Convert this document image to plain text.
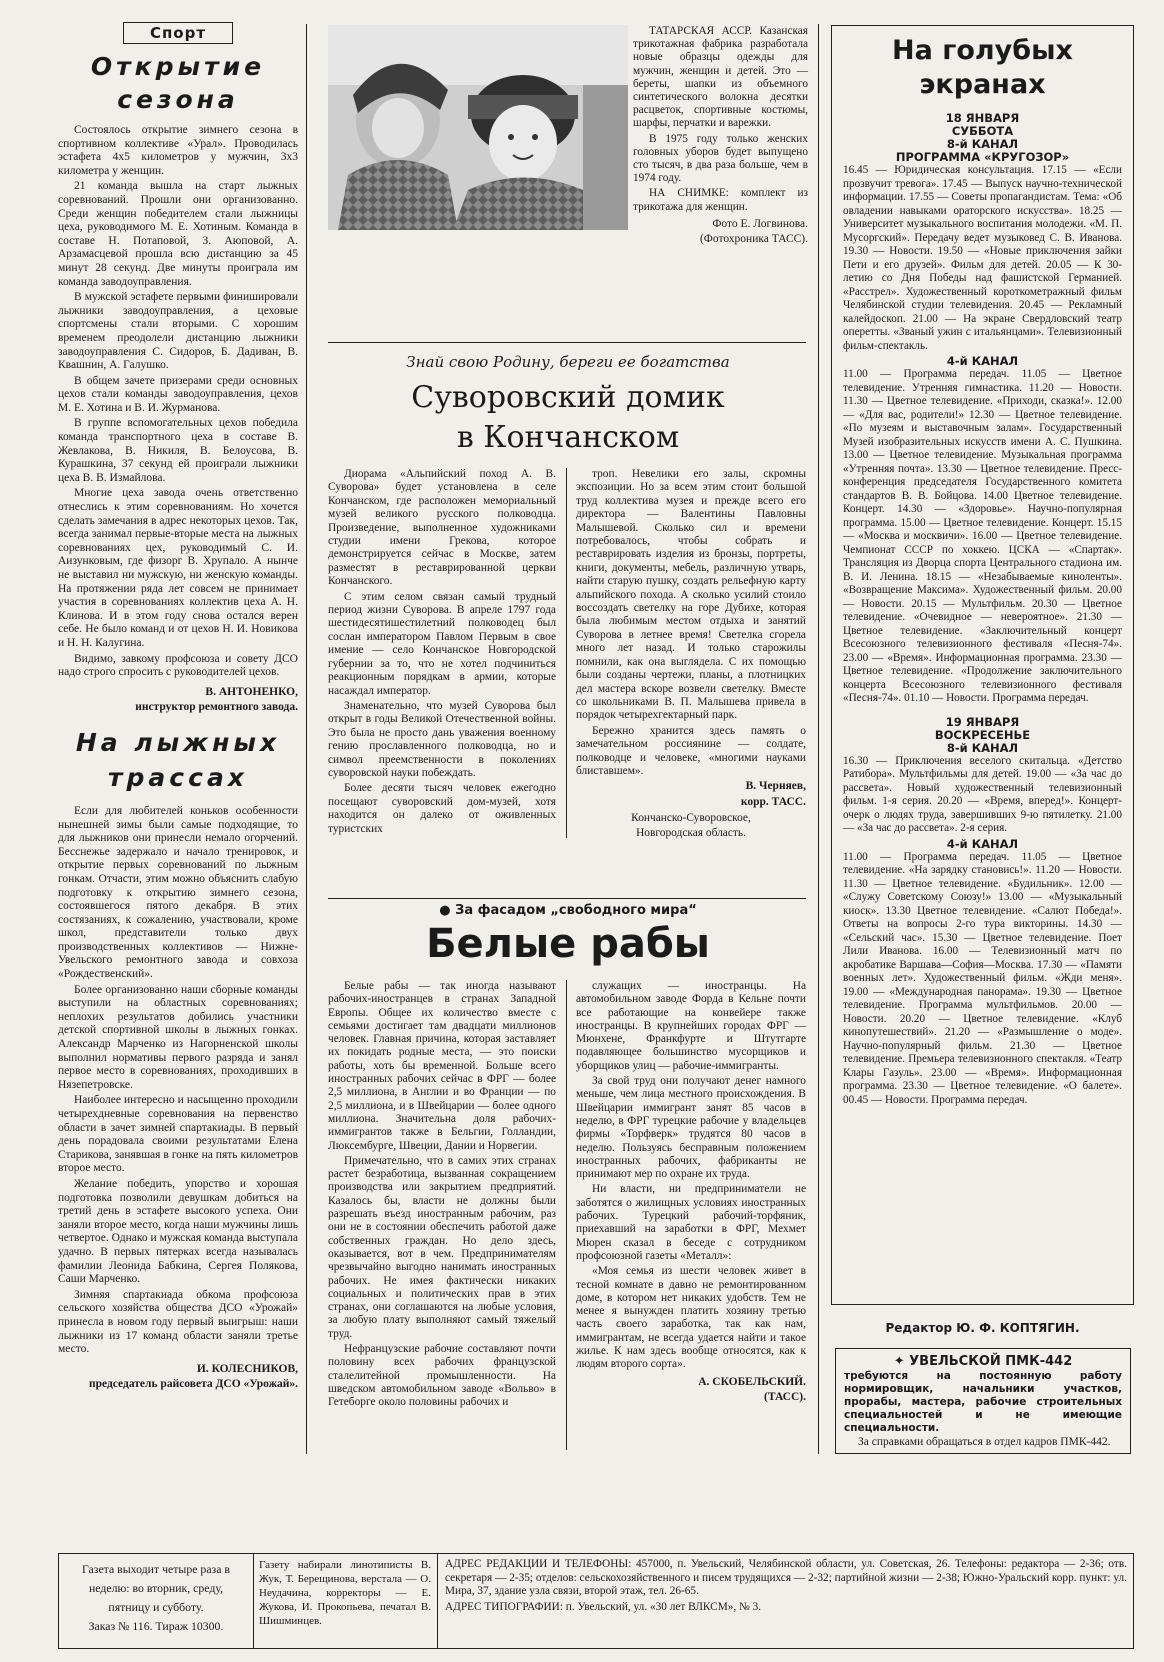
Спорт
Открытие
сезона

Состоялось открытие зимнего сезона в спортивном коллективе «Урал». Проводилась эстафета 4х5 километров у мужчин, 3х3 километра у женщин.

21 команда вышла на старт лыжных соревнований. Прошли они организованно. Среди женщин победителем стали лыжницы цеха, руководимого М. Е. Хотиным. Команда в составе Н. Потаповой, З. Аюповой, А. Арзамасцевой прошла всю дистанцию за 45 минут 28 секунд. Две минуты проиграла им команда заводоуправления.

В мужской эстафете первыми финишировали лыжники заводоуправления, а цеховые спортсмены стали вторыми. С хорошим временем преодолели дистанцию лыжники заводоуправления С. Сидоров, Б. Дадиван, В. Квашнин, А. Галушко.

В общем зачете призерами среди основных цехов стали команды заводоуправления, цехов М. Е. Хотина и В. И. Журманова.

В группе вспомогательных цехов победила команда транспортного цеха в составе В. Жевлакова, В. Никиля, В. Белоусова, В. Курашкина, 37 секунд ей проиграли лыжники цеха В. В. Измайлова.

Многие цеха завода очень ответственно отнеслись к этим соревнованиям. Но хочется сделать замечания в адрес некоторых цехов. Так, всегда занимал первые-вторые места на лыжных соревнованиях цех, руководимый С. И. Аизунковым, где физорг В. Хрупало. А нынче не выставил ни мужскую, ни женскую команды. На протяжении ряда лет совсем не принимает участия в соревнованиях коллектив цеха А. Н. Клинова. И в этом году снова остался верен себе. Не было команд и от цехов Н. И. Новикова и Н. Н. Калугина.

Видимо, завкому профсоюза и совету ДСО надо строго спросить с руководителей цехов.

В. АНТОНЕНКО,

инструктор ремонтного завода.

На лыжных
трассах

Если для любителей коньков особенности нынешней зимы были самые подходящие, то для лыжников они принесли немало огорчений. Бесснежье задержало и начало тренировок, и открытие первых соревнований по лыжным гонкам. Отчасти, этим можно объяснить слабую подготовку к открытию зимнего сезона, состоявшегося пятого декабря. В этих состязаниях, к сожалению, участвовали, кроме школ, представители только двух производственных коллективов — Нижне-Увельского ремонтного завода и совхоза «Рождественский».

Более организованно наши сборные команды выступили на областных соревнованиях; неплохих результатов добились участники детской спортивной школы в лыжных гонках. Александр Марченко из Нагорненской школы выполнил нормативы первого разряда и занял первое место в соревнованиях, проходивших в Нязепетровске.

Наиболее интересно и насыщенно проходили четырехдневные соревнования на первенство области в зачет зимней спартакиады. В первый день порадовала своими результатами Елена Старикова, занявшая в гонке на пять километров второе место.

Желание победить, упорство и хорошая подготовка позволили девушкам добиться на третий день в эстафете высокого успеха. Они заняли второе место, когда наши мужчины лишь четвертое. Однако и мужская команда выступала удачно. В первых пятерках всегда называлась фамилии Леонида Бабкина, Сергея Полякова, Саши Марченко.

Зимняя спартакиада обкома профсоюза сельского хозяйства общества ДСО «Урожай» принесла в новом году первый выигрыш: наши лыжники из 17 команд области заняли третье место.

И. КОЛЕСНИКОВ,

председатель райсовета ДСО «Урожай».

ТАТАРСКАЯ АССР. Казанская трикотажная фабрика разработала новые образцы одежды для мужчин, женщин и детей. Это — береты, шапки из объемного синтетического волокна десятки расцветок, спортивные костюмы, шарфы, перчатки и варежки.

В 1975 году только женских головных уборов будет выпущено сто тысяч, в два раза больше, чем в 1974 году.

НА СНИМКЕ: комплект из трикотажа для женщин.

Фото Е. Логвинова.

(Фотохроника ТАСС).

Знай свою Родину, береги ее богатства
Суворовский домик
в Кончанском

Диорама «Альпийский поход А. В. Суворова» будет установлена в селе Кончанском, где расположен мемориальный музей великого русского полководца. Произведение, выполненное художниками студии имени Грекова, которое демонстрируется сейчас в Москве, затем разместят в реставрированной церкви Кончанского.

С этим селом связан самый трудный период жизни Суворова. В апреле 1797 года шестидесятишестилетний полководец был сослан императором Павлом Первым в свое имение — село Кончанское Новгородской губернии за то, что не хотел подчиниться реакционным порядкам в армии, которые насаждал император.

Знаменательно, что музей Суворова был открыт в годы Великой Отечественной войны. Это была не просто дань уважения военному гению прославленного полководца, но и символ преемственности в поколениях суворовской науки побеждать.

Более десяти тысяч человек ежегодно посещают суворовский дом-музей, хотя находится он далеко от оживленных туристских

троп. Невелики его залы, скромны экспозиции. Но за всем этим стоит большой труд коллектива музея и прежде всего его директора — Валентины Павловны Малышевой. Сколько сил и времени потребовалось, чтобы собрать и реставрировать изделия из бронзы, портреты, книги, документы, мебель, различную утварь, найти старую пушку, создать рельефную карту альпийского похода. А сколько усилий стоило воссоздать светелку на горе Дубихе, которая была любимым местом отдыха и занятий Суворова в летнее время! Светелка сгорела много лет назад. И только старожилы помнили, как она выглядела. С их помощью были созданы чертежи, планы, а плотницких дел мастера вскоре возвели светелку. Вместе со школьниками В. П. Малышева привела в порядок четырехгектарный парк.

Бережно хранится здесь память о замечательном россиянине — солдате, полководце и человеке, «многими науками блиставшем».

В. Черняев,

корр. ТАСС.

Кончанско-Суворовское,

Новгородская область.

● За фасадом „свободного мира“
Белые рабы

Белые рабы — так иногда называют рабочих-иностранцев в странах Западной Европы. Общее их количество вместе с семьями достигает там двадцати миллионов человек. Главная причина, которая заставляет их покидать родные места, — это поиски работы, хоть бы временной. Больше всего иностранных рабочих сейчас в ФРГ — более 2,5 миллиона, в Англии и во Франции — по 2,5 миллиона, и в Швейцарии — более одного миллиона. Значительна доля рабочих-иммигрантов также в Бельгии, Голландии, Люксембурге, Швеции, Дании и Норвегии.

Примечательно, что в самих этих странах растет безработица, вызванная сокращением производства или закрытием предприятий. Казалось бы, власти не должны были разрешать въезд иностранным рабочим, раз они не в состоянии обеспечить работой даже собственных граждан. Но дело здесь, оказывается, вот в чем. Предпринимателям чрезвычайно выгодно нанимать иностранных рабочих. Не имея фактически никаких социальных и политических прав в этих странах, они соглашаются на любые условия, за любую плату выполняют самый тяжелый труд.

Нефранцузские рабочие составляют почти половину всех рабочих французской сталелитейной промышленности. На шведском автомобильном заводе «Вольво» в Гетеборге около половины рабочих и

служащих — иностранцы. На автомобильном заводе Форда в Кельне почти все работающие на конвейере также иностранцы. В крупнейших городах ФРГ — Мюнхене, Франкфурте и Штутгарте подавляющее большинство мусорщиков и уборщиков улиц — рабочие-иммигранты.

За свой труд они получают денег намного меньше, чем лица местного происхождения. В Швейцарии иммигрант занят 85 часов в неделю, в ФРГ турецкие рабочие у владельцев фирмы «Торфверк» трудятся 80 часов в неделю. Пользуясь бесправным положением иностранных рабочих, фабриканты не принимают мер по охране их труда.

Ни власти, ни предприниматели не заботятся о жилищных условиях иностранных рабочих. Турецкий рабочий-торфяник, приехавший на заработки в ФРГ, Мехмет Мюрен сказал в беседе с сотрудником профсоюзной газеты «Металл»:

«Моя семья из шести человек живет в тесной комнате в давно не ремонтированном доме, в котором нет никаких удобств. Тем не менее я вынужден платить хозяину третью часть своего заработка, так как нам, иммигрантам, не всегда удается найти и такое жилье. К нам здесь вообще относятся, как к людям второго сорта».

А. СКОБЕЛЬСКИЙ.

(ТАСС).

На голубых экранах
18 ЯНВАРЯ
СУББОТА
8-й КАНАЛ
ПРОГРАММА «КРУГОЗОР»
16.45 — Юридическая консультация. 17.15 — «Если прозвучит тревога». 17.45 — Выпуск научно-технической информации. 17.55 — Советы пропагандистам. Тема: «Об овладении навыками ораторского искусства». 18.25 — Университет музыкального воспитания молодежи. «М. П. Мусоргский». Передачу ведет музыковед С. В. Иванова. 19.30 — Новости. 19.50 — «Новые приключения зайки Пети и его друзей». Фильм для детей. 20.05 — К 30-летию со Дня Победы над фашистской Германией. «Расстрел». Художественный короткометражный фильм Челябинской студии телевидения. 20.45 — Рекламный калейдоскоп. 21.00 — На экране Свердловский театр оперетты. «Званый ужин с итальянцами». Телевизионный фильм-спектакль.
4-й КАНАЛ
11.00 — Программа передач. 11.05 — Цветное телевидение. Утренняя гимнастика. 11.20 — Новости. 11.30 — Цветное телевидение. «Приходи, сказка!». 12.00 — «Для вас, родители!» 12.30 — Цветное телевидение. «По музеям и выставочным залам». Государственный Музей изобразительных искусств имени А. С. Пушкина. 13.00 — Цветное телевидение. Музыкальная программа «Утренняя почта». 13.30 — Цветное телевидение. Пресс-конференция председателя Государственного комитета стандартов В. В. Бойцова. 14.00 Цветное телевидение. Концерт. 14.30 — «Здоровье». Научно-популярная программа. 15.00 — Цветное телевидение. Концерт. 15.15 — «Москва и москвичи». 16.00 — Цветное телевидение. Чемпионат СССР по хоккею. ЦСКА — «Спартак». Трансляция из Дворца спорта Центрального стадиона им. В. И. Ленина. 18.15 — «Незабываемые киноленты». «Возвращение Максима». Художественный фильм. 20.00 — Новости. 20.15 — Мультфильм. 20.30 — Цветное телевидение. «Очевидное — невероятное». 21.30 — Цветное телевидение. «Заключительный концерт Всесоюзного телевизионного фестиваля «Песня-74». 23.00 — «Время». Информационная программа. 23.30 — Цветное телевидение. «Продолжение заключительного концерта Всесоюзного телевизионного фестиваля «Песня-74». 01.10 — Новости. Программа передач.
19 ЯНВАРЯ
ВОСКРЕСЕНЬЕ
8-й КАНАЛ
16.30 — Приключения веселого скитальца. «Детство Ратибора». Мультфильмы для детей. 19.00 — «За час до рассвета». Новый художественный телевизионный фильм. 1-я серия. 20.20 — «Время, вперед!». Концерт-очерк о людях труда, завершивших 9-ю пятилетку. 21.00 — «За час до рассвета». 2-я серия.
4-й КАНАЛ
11.00 — Программа передач. 11.05 — Цветное телевидение. «На зарядку становись!». 11.20 — Новости. 11.30 — Цветное телевидение. «Будильник». 12.00 — «Служу Советскому Союзу!» 13.00 — «Музыкальный киоск». 13.30 Цветное телевидение. «Салют Победа!». Ответы на вопросы 2-го тура викторины. 14.30 — «Сельский час». 15.30 — Цветное телевидение. Поет Лили Иванова. 16.00 — Телевизионный матч по акробатике Варшава—София—Москва. 17.30 — «Памяти военных лет». Художественный фильм. «Жди меня». 19.00 — «Международная панорама». 19.30 — Цветное телевидение. Программа мультфильмов. 20.00 — Новости. 20.20 — Цветное телевидение. «Клуб кинопутешествий». 21.20 — «Размышление о моде». Научно-популярный фильм. 21.30 — Цветное телевидение. Премьера телевизионного спектакля. «Театр Клары Газуль». 23.00 — «Время». Информационная программа. 23.30 — Цветное телевидение. «О балете». 00.45 — Новости. Программа передач.
Редактор Ю. Ф. КОПТЯГИН.
✦ УВЕЛЬСКОЙ ПМК-442
требуются на постоянную работу нормировщик, начальники участков, прорабы, мастера, рабочие строительных специальностей и не имеющие специальности.
За справками обращаться в отдел кадров ПМК-442.
Газета выходит четыре раза в неделю: во вторник, среду, пятницу и субботу.
Заказ № 116. Тираж 10300.
Газету набирали линотиписты В. Жук, Т. Берещинова, верстала — О. Неудачина, корректоры — Е. Жукова, И. Прокопьева, печатал В. Шишминцев.
АДРЕС РЕДАКЦИИ И ТЕЛЕФОНЫ: 457000, п. Увельский, Челябинской области, ул. Советская, 26. Телефоны: редактора — 2-36; отв. секретаря — 2-35; отделов: сельскохозяйственного и писем трудящихся — 2-32; партийной жизни — 2-38; Южно-Уральский корр. пункт: ул. Мира, 37, здание узла связи, второй этаж, тел. 26-65.
АДРЕС ТИПОГРАФИИ: п. Увельский, ул. «30 лет ВЛКСМ», № 3.
